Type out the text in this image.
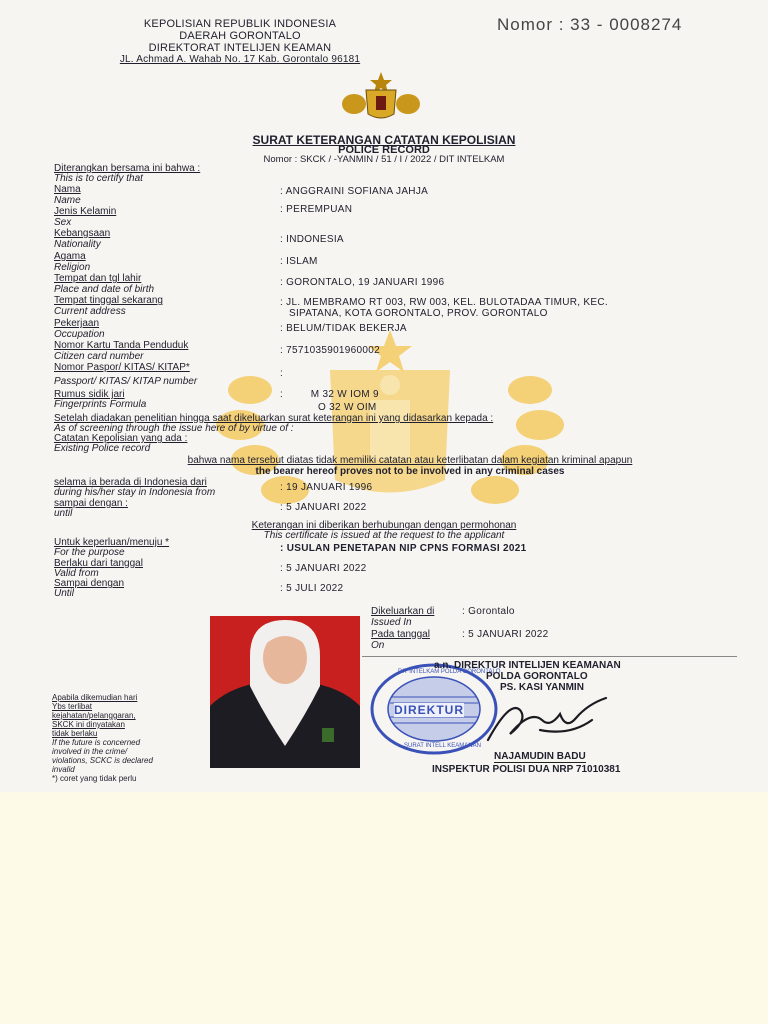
KEPOLISIAN REPUBLIK INDONESIA
DAERAH GORONTALO
DIREKTORAT INTELIJEN KEAMAN
JL. Achmad A. Wahab No. 17 Kab. Gorontalo 96181
Nomor : 33 - 0008274
SURAT KETERANGAN CATATAN KEPOLISIAN
POLICE RECORD
Nomor : SKCK / -YANMIN / 51 / I / 2022 / DIT INTELKAM
Diterangkan bersama ini bahwa :
This is to certify that
Nama
Name
: ANGGRAINI SOFIANA JAHJA
Jenis Kelamin
Sex
: PEREMPUAN
Kebangsaan
Nationality	: INDONESIA
Agama
Religion
: ISLAM
Tempat dan tgl lahir
Place and date of birth
: GORONTALO, 19 JANUARI 1996
Tempat tinggal sekarang
Current address
: JL. MEMBRAMO RT 003, RW 003, KEL. BULOTADAA TIMUR, KEC.
SIPATANA, KOTA GORONTALO, PROV. GORONTALO
Pekerjaan
Occupation
: BELUM/TIDAK BEKERJA
Nomor Kartu Tanda Penduduk
Citizen card number
: 7571035901960002
Nomor Paspor/ KITAS/ KITAP*
Passport/ KITAS/ KITAP number
:
Rumus sidik jari
Fingerprints Formula
:         M 32 W IOM 9
O 32 W OIM
Setelah diadakan penelitian hingga saat dikeluarkan surat keterangan ini yang didasarkan kepada :
As of screening through the issue here of by virtue of :
Catatan Kepolisian yang ada :
Existing Police record
bahwa nama tersebut diatas tidak memiliki catatan atau keterlibatan dalam kegiatan kriminal apapun
the bearer hereof proves not to be involved in any criminal cases
selama ia berada di Indonesia dari
during his/her stay in Indonesia from	: 19 JANUARI 1996
sampai dengan :
until
: 5 JANUARI 2022
Keterangan ini diberikan berhubungan dengan permohonan
This certificate is issued at the request to the applicant
Untuk keperluan/menuju *
For the purpose	: USULAN PENETAPAN NIP CPNS FORMASI 2021
Berlaku dari tanggal
Valid from	: 5 JANUARI 2022
Sampai dengan
Until	: 5 JULI 2022
Dikeluarkan di
Issued In
: Gorontalo
Pada tanggal
On
: 5 JANUARI 2022
DIREKTUR
DIT INTELKAM POLDA GORONTALO
SURAT INTELL KEAMANAN
a.n. DIREKTUR INTELIJEN KEAMANAN
POLDA GORONTALO
PS. KASI YANMIN
NAJAMUDIN BADU
INSPEKTUR POLISI DUA NRP 71010381
Apabila dikemudian hari
Ybs terlibat
kejahatan/pelanggaran,
SKCK ini dinyatakan
tidak berlaku
If the future is concerned
involved in the crime/
violations, SCKC is declared
invalid
*) coret yang tidak perlu
